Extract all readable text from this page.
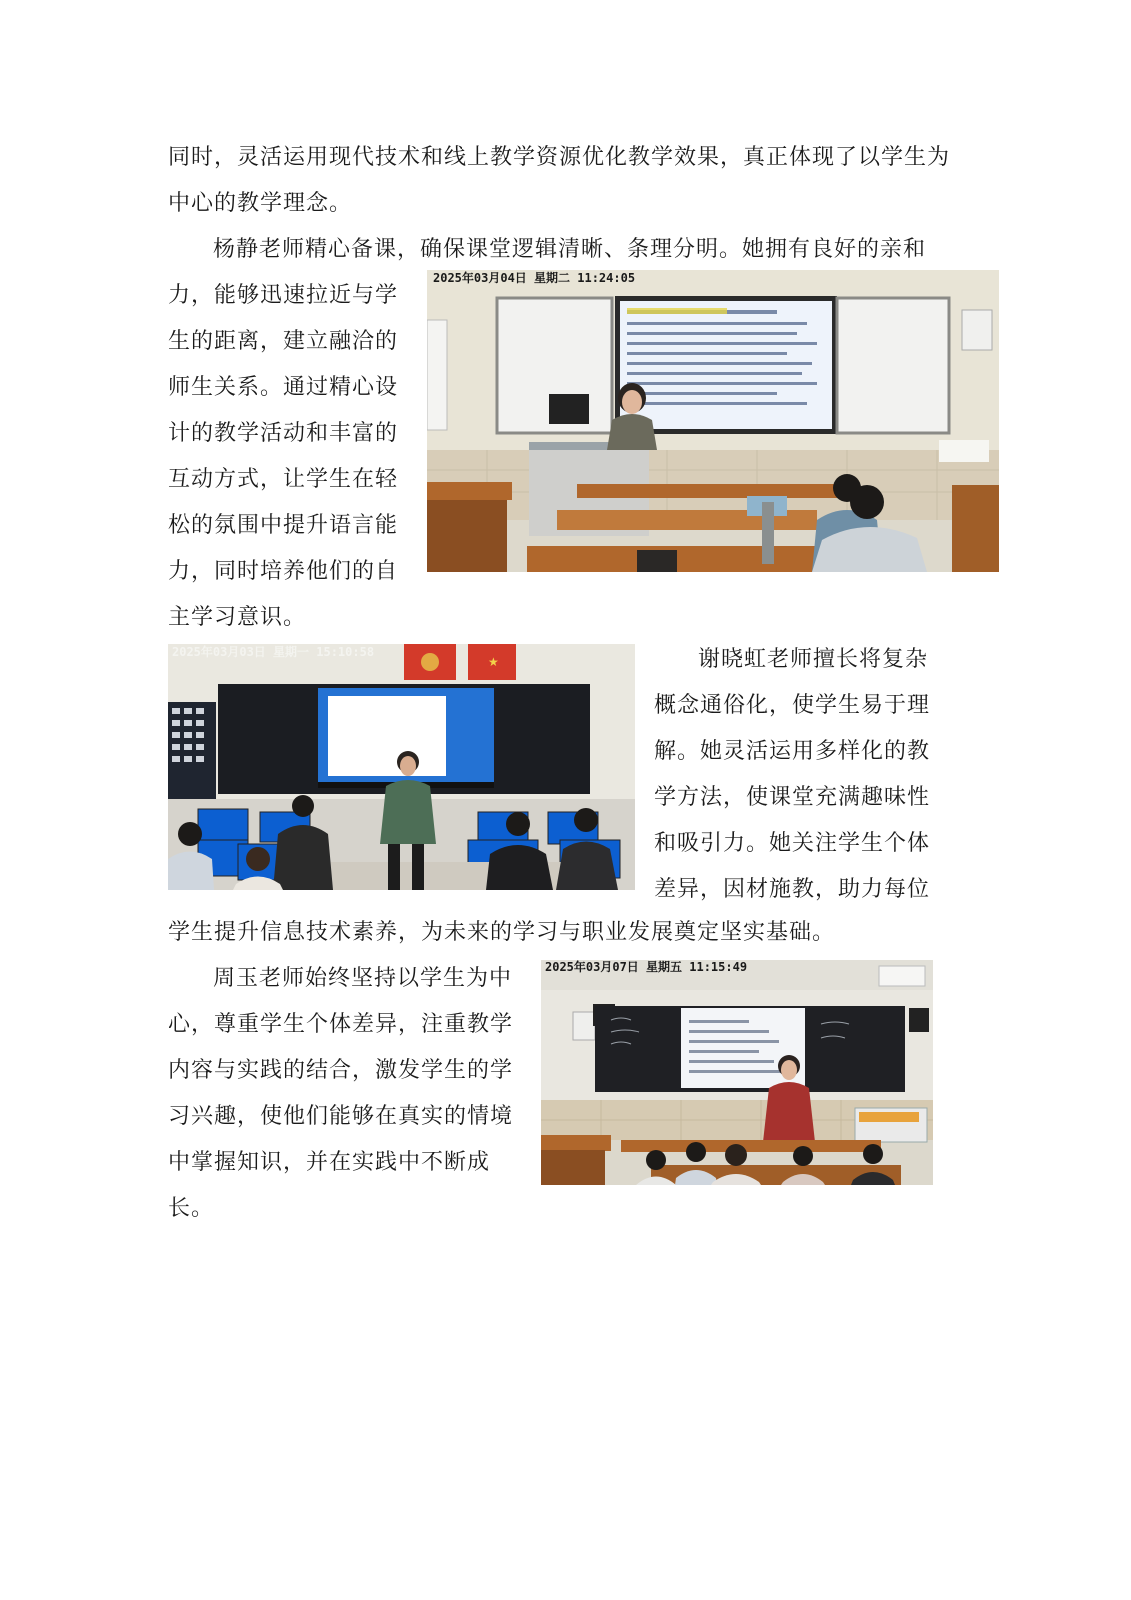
同时，灵活运用现代技术和线上教学资源优化教学效果，真正体现了以学生为
中心的教学理念。
杨静老师精心备课，确保课堂逻辑清晰、条理分明。她拥有良好的亲和
力，能够迅速拉近与学
生的距离，建立融洽的
师生关系。通过精心设
计的教学活动和丰富的
互动方式，让学生在轻
松的氛围中提升语言能
力，同时培养他们的自
主学习意识。
2025年03月04日 星期二 11:24:05
★
2025年03月03日 星期一 15:10:58	谢晓虹老师擅长将复杂
概念通俗化，使学生易于理
解。她灵活运用多样化的教
学方法，使课堂充满趣味性
和吸引力。她关注学生个体
差异，因材施教，助力每位
学生提升信息技术素养，为未来的学习与职业发展奠定坚实基础。
周玉老师始终坚持以学生为中
心，尊重学生个体差异，注重教学
内容与实践的结合，激发学生的学
习兴趣，使他们能够在真实的情境
中掌握知识，并在实践中不断成
长。
2025年03月07日 星期五 11:15:49
